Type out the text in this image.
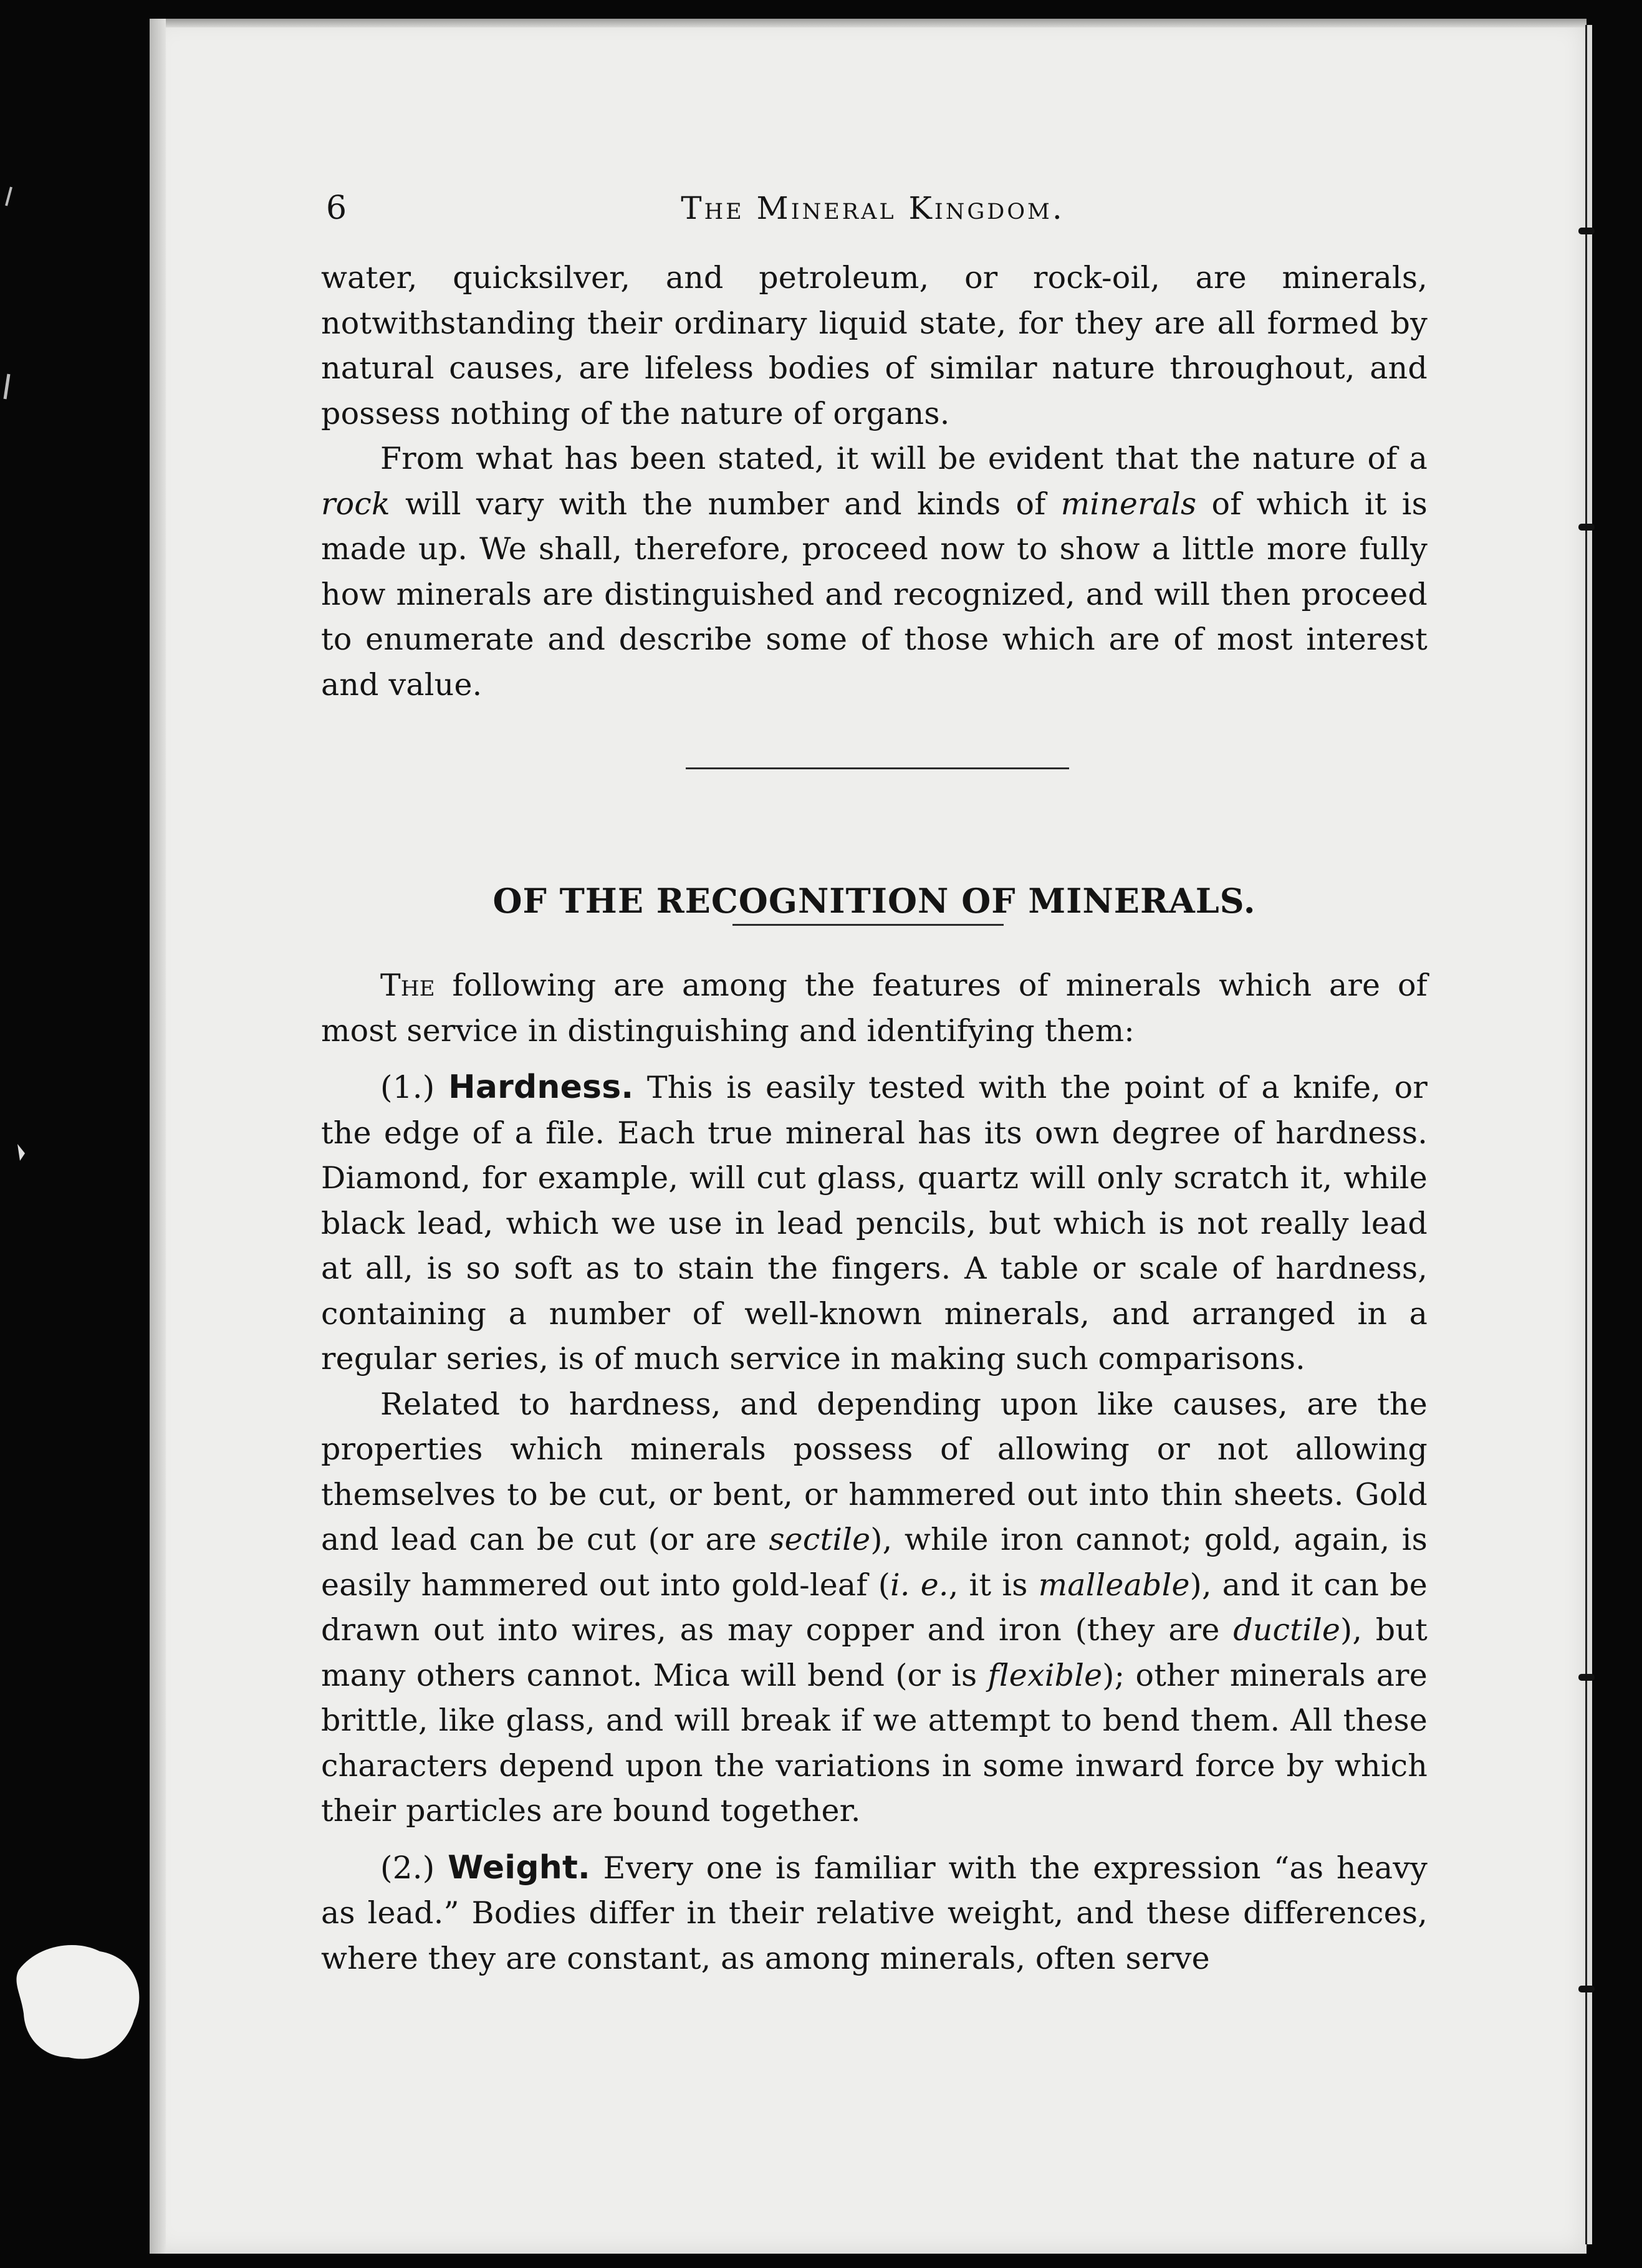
6	The Mineral Kingdom.

water, quicksilver, and petroleum, or rock-oil, are minerals, notwithstanding their ordinary liquid state, for they are all formed by natural causes, are lifeless bodies of similar nature throughout, and possess nothing of the nature of organs.

From what has been stated, it will be evident that the nature of a rock will vary with the number and kinds of minerals of which it is made up. We shall, therefore, proceed now to show a little more fully how minerals are distinguished and recognized, and will then proceed to enumerate and describe some of those which are of most interest and value.

OF THE RECOGNITION OF MINERALS.

The following are among the features of minerals which are of most service in distinguishing and identifying them:

(1.) Hardness. This is easily tested with the point of a knife, or the edge of a file. Each true mineral has its own degree of hardness. Diamond, for example, will cut glass, quartz will only scratch it, while black lead, which we use in lead pencils, but which is not really lead at all, is so soft as to stain the fingers. A table or scale of hardness, containing a number of well-known minerals, and arranged in a regular series, is of much service in making such comparisons.

Related to hardness, and depending upon like causes, are the properties which minerals possess of allowing or not allowing themselves to be cut, or bent, or hammered out into thin sheets. Gold and lead can be cut (or are sectile), while iron cannot; gold, again, is easily hammered out into gold-leaf (i. e., it is malleable), and it can be drawn out into wires, as may copper and iron (they are ductile), but many others cannot. Mica will bend (or is flexible); other minerals are brittle, like glass, and will break if we attempt to bend them. All these characters depend upon the variations in some inward force by which their particles are bound together.

(2.) Weight. Every one is familiar with the expression “as heavy as lead.” Bodies differ in their relative weight, and these differences, where they are constant, as among minerals, often serve
